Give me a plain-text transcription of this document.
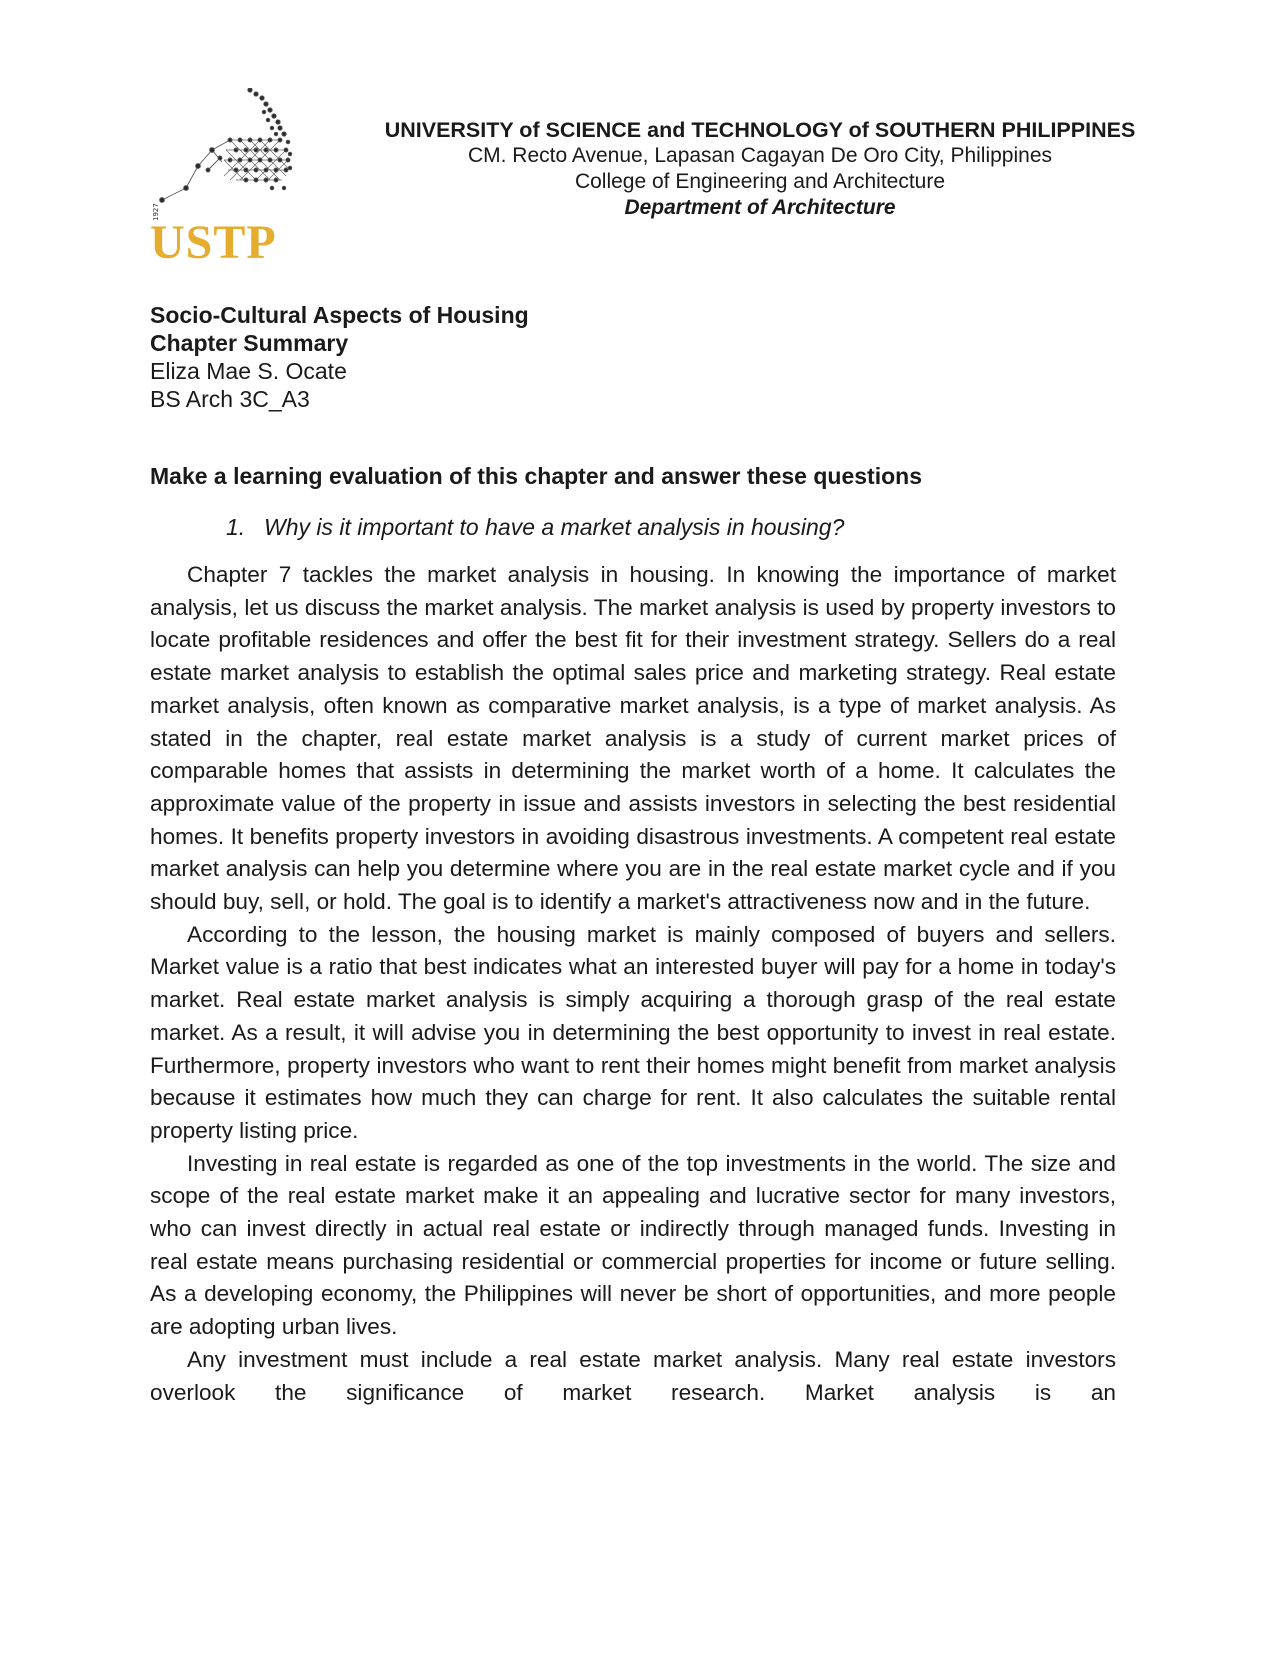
1927
USTP
UNIVERSITY of SCIENCE and TECHNOLOGY of SOUTHERN PHILIPPINES
CM. Recto Avenue, Lapasan Cagayan De Oro City, Philippines
College of Engineering and Architecture
Department of Architecture
Socio-Cultural Aspects of Housing
Chapter Summary
Eliza Mae S. Ocate
BS Arch 3C_A3
Make a learning evaluation of this chapter and answer these questions
1. Why is it important to have a market analysis in housing?

Chapter 7 tackles the market analysis in housing. In knowing the importance of market analysis, let us discuss the market analysis. The market analysis is used by property investors to locate profitable residences and offer the best fit for their investment strategy. Sellers do a real estate market analysis to establish the optimal sales price and marketing strategy. Real estate market analysis, often known as comparative market analysis, is a type of market analysis. As stated in the chapter, real estate market analysis is a study of current market prices of comparable homes that assists in determining the market worth of a home. It calculates the approximate value of the property in issue and assists investors in selecting the best residential homes. It benefits property investors in avoiding disastrous investments. A competent real estate market analysis can help you determine where you are in the real estate market cycle and if you should buy, sell, or hold. The goal is to identify a market's attractiveness now and in the future.

According to the lesson, the housing market is mainly composed of buyers and sellers. Market value is a ratio that best indicates what an interested buyer will pay for a home in today's market. Real estate market analysis is simply acquiring a thorough grasp of the real estate market. As a result, it will advise you in determining the best opportunity to invest in real estate. Furthermore, property investors who want to rent their homes might benefit from market analysis because it estimates how much they can charge for rent. It also calculates the suitable rental property listing price.

Investing in real estate is regarded as one of the top investments in the world. The size and scope of the real estate market make it an appealing and lucrative sector for many investors, who can invest directly in actual real estate or indirectly through managed funds. Investing in real estate means purchasing residential or commercial properties for income or future selling. As a developing economy, the Philippines will never be short of opportunities, and more people are adopting urban lives.

Any investment must include a real estate market analysis. Many real estate investors overlook the significance of market research. Market analysis is an
